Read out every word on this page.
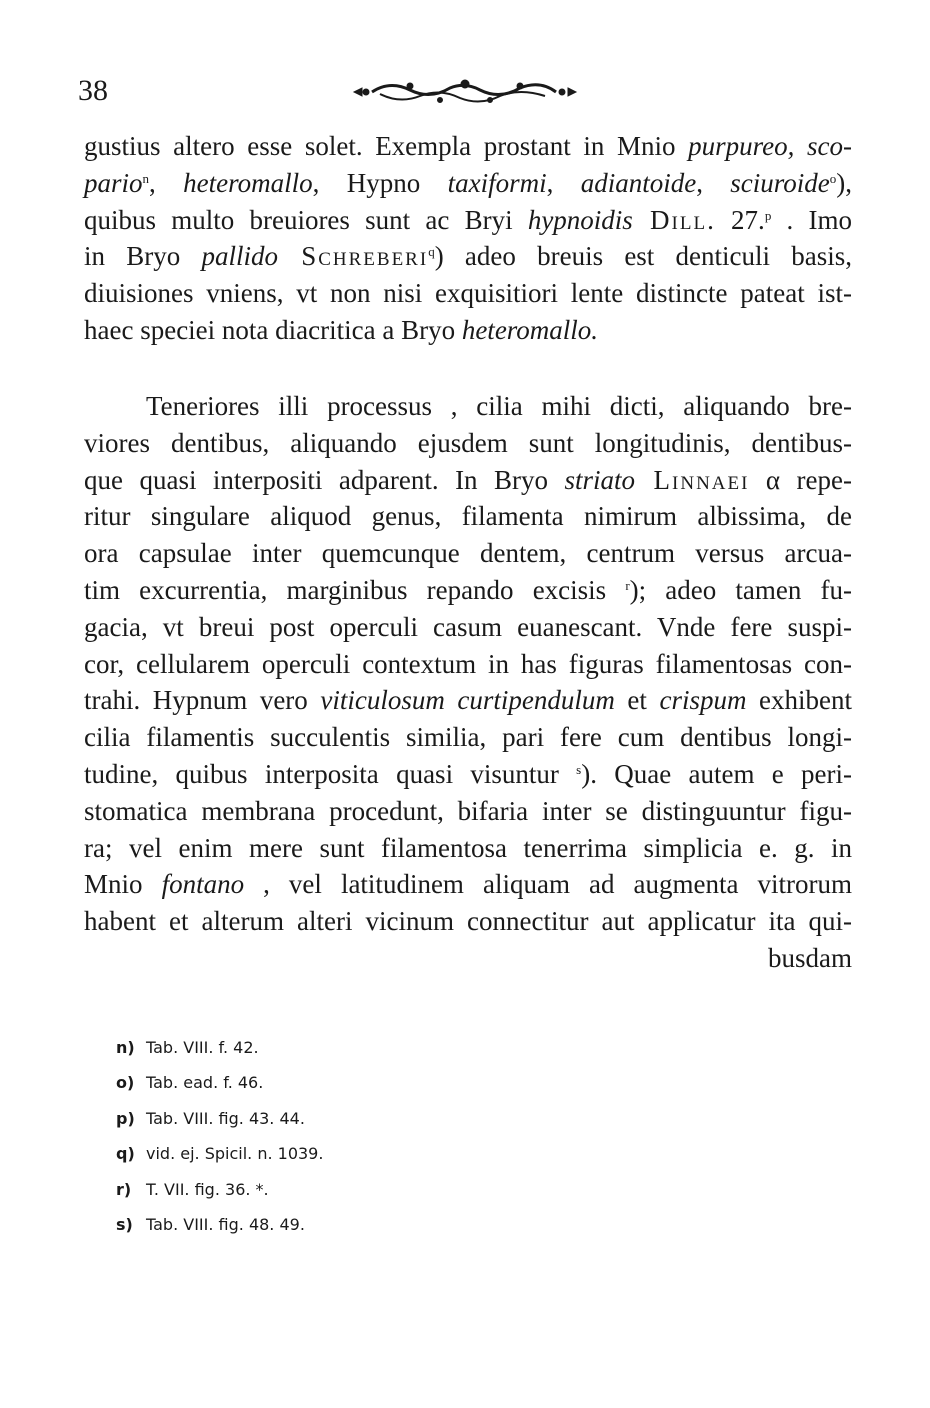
38
gustius altero esse solet. Exempla prostant in Mnio purpureo, sco-
pario$^n$, heteromallo, Hypno taxiformi, adiantoide, sciuroide$^o$),
quibus multo breuiores sunt ac Bryi hypnoidis Dill. 27.$^p$ . Imo
in Bryo pallido Schreberi$^q$) adeo breuis est denticuli basis,
diuisiones vniens, vt non nisi exquisitiori lente distincte pateat ist-
haec speciei nota diacritica a Bryo heteromallo.
Teneriores illi processus , cilia mihi dicti, aliquando bre-
viores dentibus, aliquando ejusdem sunt longitudinis, dentibus-
que quasi interpositi adparent. In Bryo striato Linnaei α repe-
ritur singulare aliquod genus, filamenta nimirum albissima, de
ora capsulae inter quemcunque dentem, centrum versus arcua-
tim excurrentia, marginibus repando excisis $^r$); adeo tamen fu-
gacia, vt breui post operculi casum euanescant. Vnde fere suspi-
cor, cellularem operculi contextum in has figuras filamentosas con-
trahi. Hypnum vero viticulosum curtipendulum et crispum exhibent
cilia filamentis succulentis similia, pari fere cum dentibus longi-
tudine, quibus interposita quasi visuntur $^s$). Quae autem e peri-
stomatica membrana procedunt, bifaria inter se distinguuntur figu-
ra; vel enim mere sunt filamentosa tenerrima simplicia e. g. in
Mnio fontano , vel latitudinem aliquam ad augmenta vitrorum
habent et alterum alteri vicinum connectitur aut applicatur ita qui-
busdam
n) Tab. VIII. f. 42.
o) Tab. ead. f. 46.
p) Tab. VIII. fig. 43. 44.
q) vid. ej. Spicil. n. 1039.
r) T. VII. fig. 36. *.
s) Tab. VIII. fig. 48. 49.
